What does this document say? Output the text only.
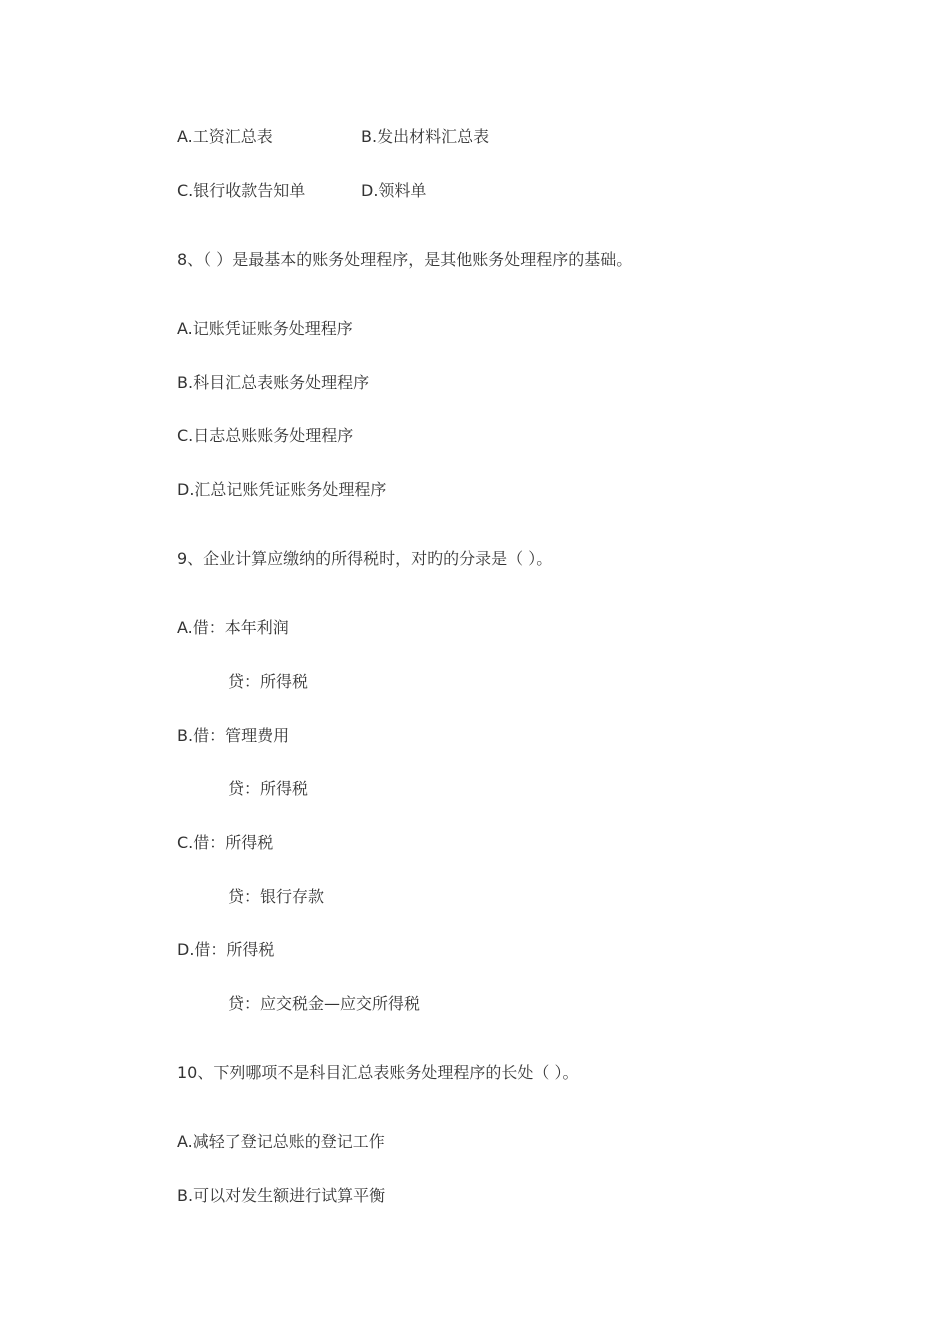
A.工资汇总表	B.发出材料汇总表
C.银行收款告知单	D.领料单
8、（ ）是最基本的账务处理程序，是其他账务处理程序的基础。
A.记账凭证账务处理程序
B.科目汇总表账务处理程序
C.日志总账账务处理程序
D.汇总记账凭证账务处理程序
9、企业计算应缴纳的所得税时，对旳的分录是（ ）。
A.借：本年利润
贷：所得税
B.借：管理费用
贷：所得税
C.借：所得税
贷：银行存款
D.借：所得税
贷：应交税金—应交所得税
10、下列哪项不是科目汇总表账务处理程序的长处（ ）。
A.减轻了登记总账的登记工作
B.可以对发生额进行试算平衡
